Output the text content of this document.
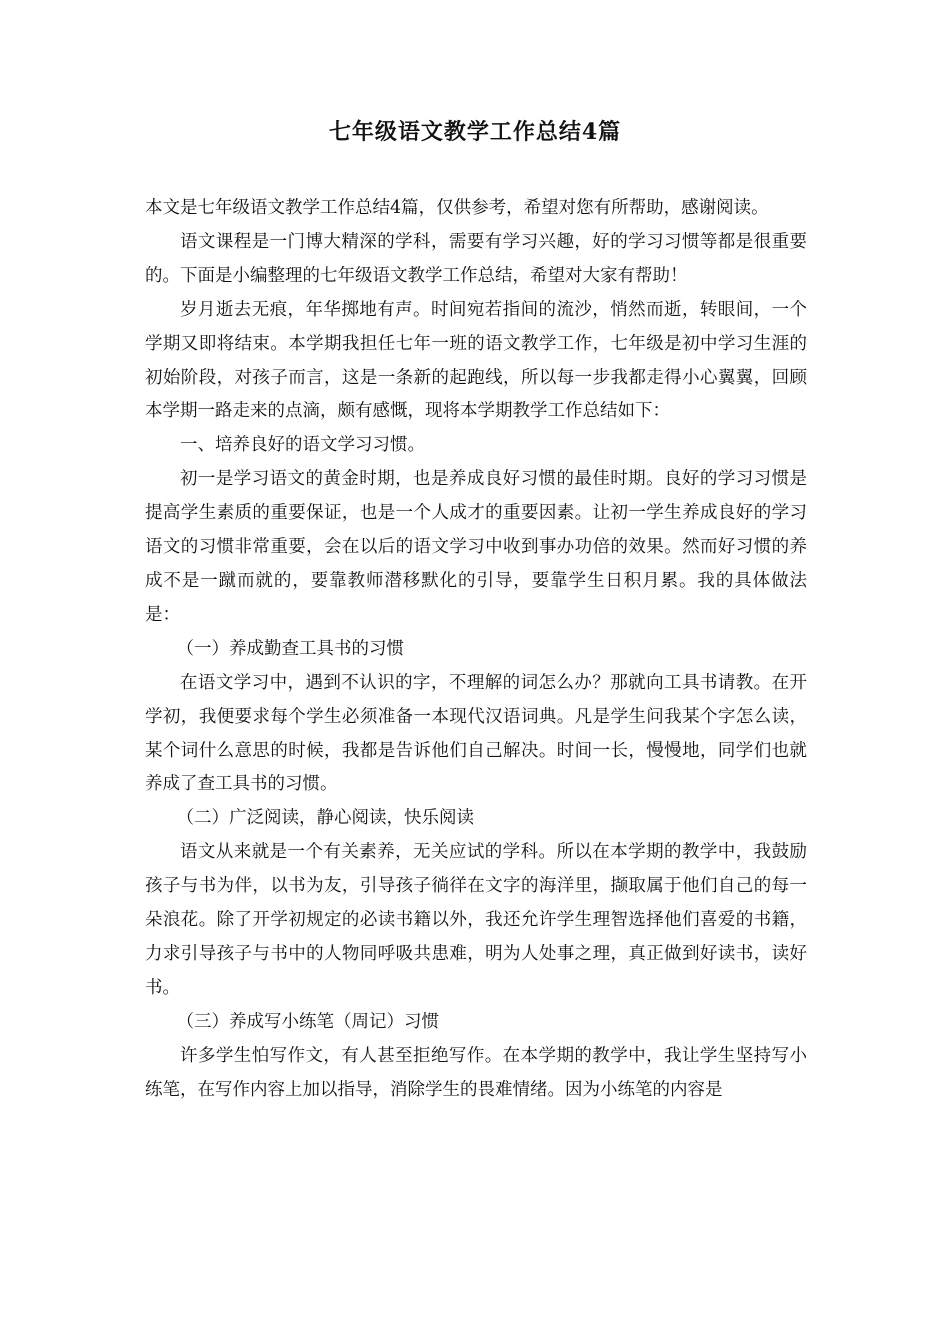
七年级语文教学工作总结4篇

本文是七年级语文教学工作总结4篇，仅供参考，希望对您有所帮助，感谢阅读。

语文课程是一门博大精深的学科，需要有学习兴趣，好的学习习惯等都是很重要的。下面是小编整理的七年级语文教学工作总结，希望对大家有帮助！

岁月逝去无痕，年华掷地有声。时间宛若指间的流沙，悄然而逝，转眼间，一个学期又即将结束。本学期我担任七年一班的语文教学工作，七年级是初中学习生涯的初始阶段，对孩子而言，这是一条新的起跑线，所以每一步我都走得小心翼翼，回顾本学期一路走来的点滴，颇有感慨，现将本学期教学工作总结如下：

一、培养良好的语文学习习惯。

初一是学习语文的黄金时期，也是养成良好习惯的最佳时期。良好的学习习惯是提高学生素质的重要保证，也是一个人成才的重要因素。让初一学生养成良好的学习语文的习惯非常重要，会在以后的语文学习中收到事办功倍的效果。然而好习惯的养成不是一蹴而就的，要靠教师潜移默化的引导，要靠学生日积月累。我的具体做法是：

（一）养成勤查工具书的习惯

在语文学习中，遇到不认识的字，不理解的词怎么办？那就向工具书请教。在开学初，我便要求每个学生必须准备一本现代汉语词典。凡是学生问我某个字怎么读，某个词什么意思的时候，我都是告诉他们自己解决。时间一长，慢慢地，同学们也就养成了查工具书的习惯。

（二）广泛阅读，静心阅读，快乐阅读

语文从来就是一个有关素养，无关应试的学科。所以在本学期的教学中，我鼓励孩子与书为伴，以书为友，引导孩子徜徉在文字的海洋里，撷取属于他们自己的每一朵浪花。除了开学初规定的必读书籍以外，我还允许学生理智选择他们喜爱的书籍，力求引导孩子与书中的人物同呼吸共患难，明为人处事之理，真正做到好读书，读好书。

（三）养成写小练笔（周记）习惯

许多学生怕写作文，有人甚至拒绝写作。在本学期的教学中，我让学生坚持写小练笔，在写作内容上加以指导，消除学生的畏难情绪。因为小练笔的内容是
